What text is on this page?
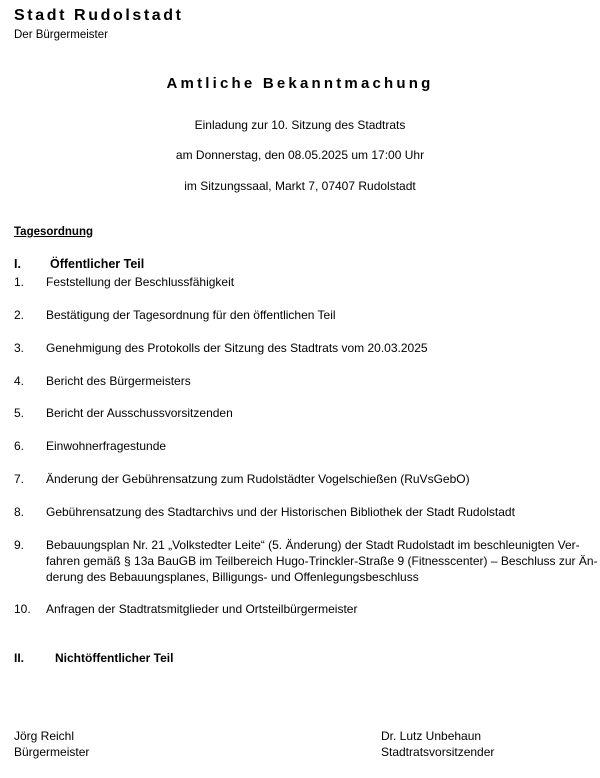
Stadt Rudolstadt
Der Bürgermeister
Amtliche Bekanntmachung
Einladung zur 10. Sitzung des Stadtrats
am Donnerstag, den 08.05.2025 um 17:00 Uhr
im Sitzungssaal, Markt 7, 07407 Rudolstadt
Tagesordnung
I. Öffentlicher Teil
1. Feststellung der Beschlussfähigkeit
2. Bestätigung der Tagesordnung für den öffentlichen Teil
3. Genehmigung des Protokolls der Sitzung des Stadtrats vom 20.03.2025
4. Bericht des Bürgermeisters
5. Bericht der Ausschussvorsitzenden
6. Einwohnerfragestunde
7. Änderung der Gebührensatzung zum Rudolstädter Vogelschießen (RuVsGebO)
8. Gebührensatzung des Stadtarchivs und der Historischen Bibliothek der Stadt Rudolstadt
9. Bebauungsplan Nr. 21 „Volkstedter Leite“ (5. Änderung) der Stadt Rudolstadt im beschleunigten Ver-
fahren gemäß § 13a BauGB im Teilbereich Hugo-Trinckler-Straße 9 (Fitnesscenter) – Beschluss zur Än-
derung des Bebauungsplanes, Billigungs- und Offenlegungsbeschluss
10. Anfragen der Stadtratsmitglieder und Ortsteilbürgermeister
II.	Nichtöffentlicher Teil
Jörg Reichl
Bürgermeister
Dr. Lutz Unbehaun
Stadtratsvorsitzender
